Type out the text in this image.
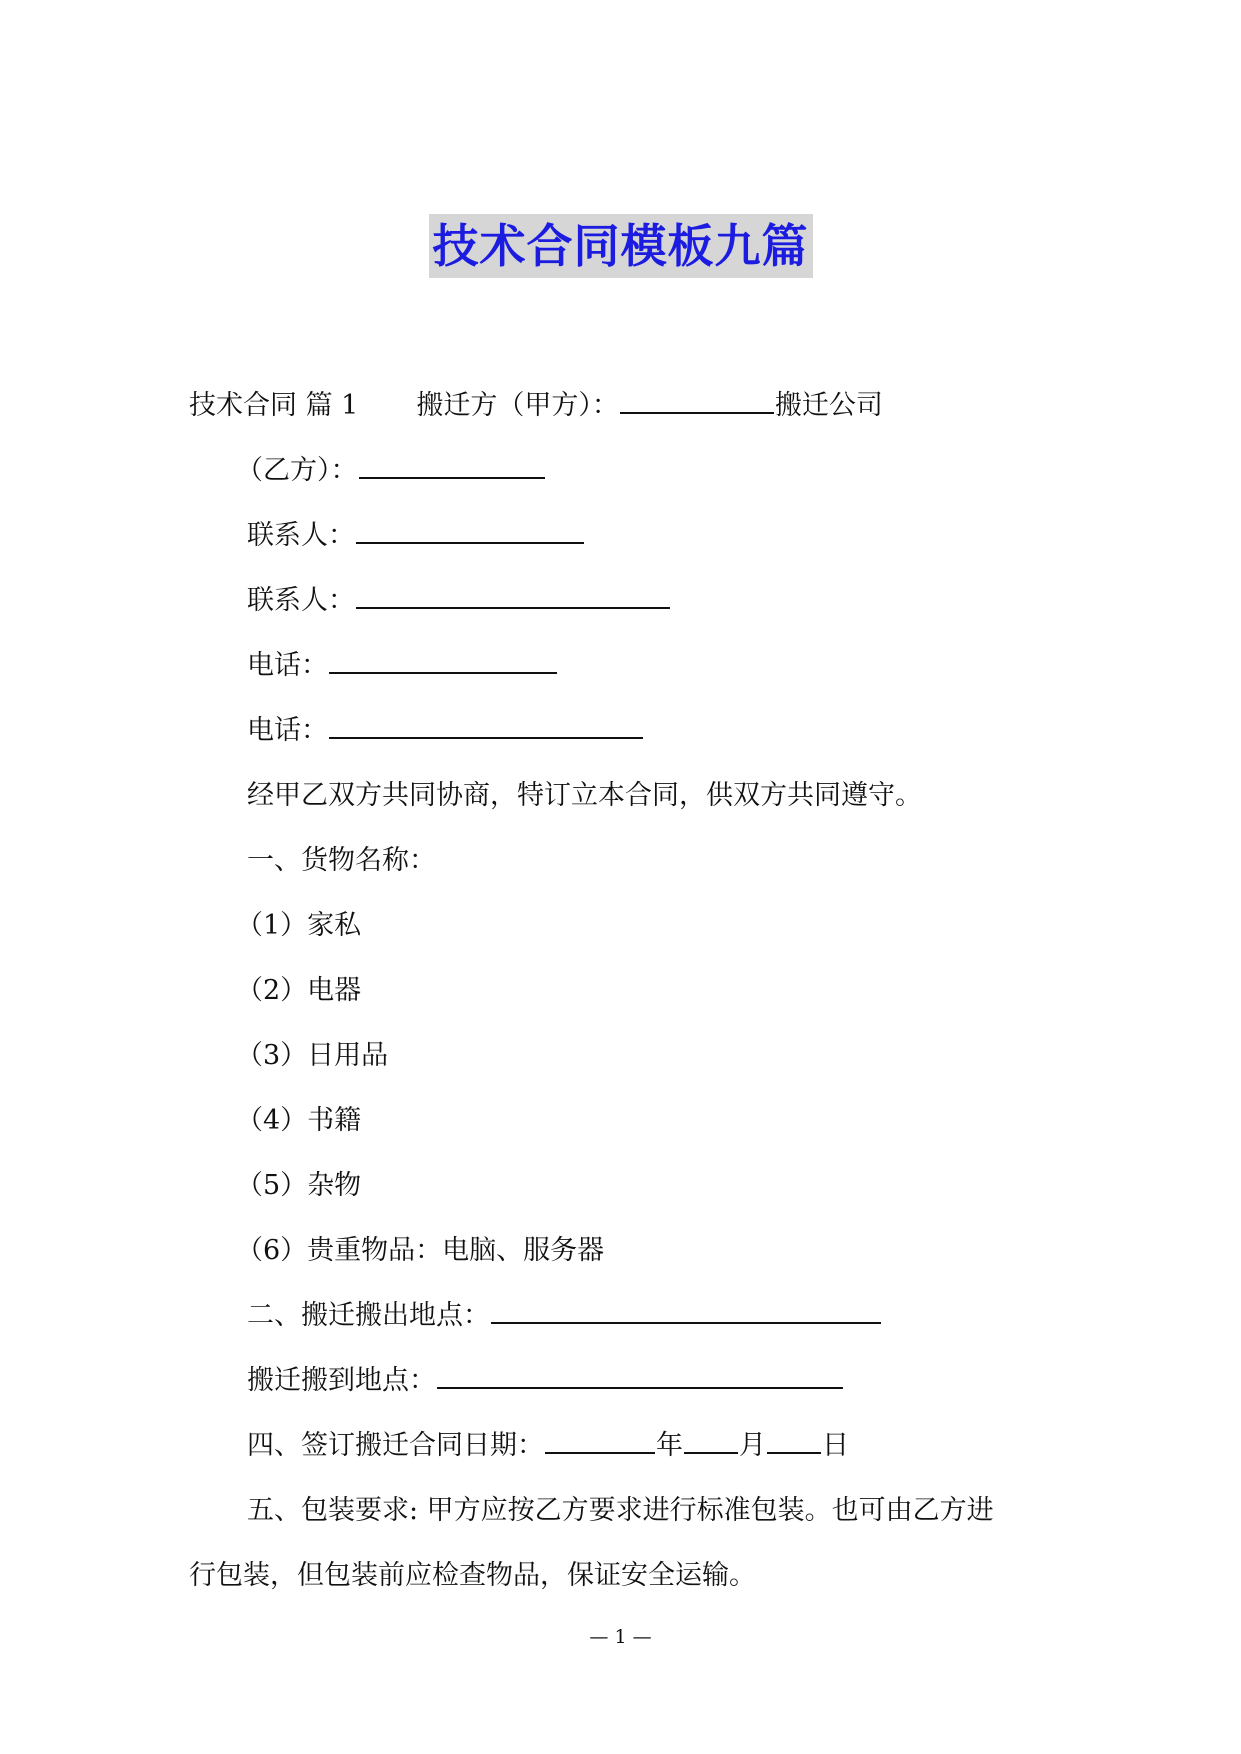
技术合同模板九篇
技术合同 篇 1 搬迁方（甲方）：	搬迁公司
（乙方）：
联系人：
联系人：
电话：
电话：
经甲乙双方共同协商，特订立本合同，供双方共同遵守。
一、货物名称：
（1）家私
（2）电器
（3）日用品
（4）书籍
（5）杂物
（6）贵重物品：电脑、服务器
二、搬迁搬出地点：
搬迁搬到地点：
四、签订搬迁合同日期：	年 月 日
五、包装要求: 甲方应按乙方要求进行标准包装。也可由乙方进
行包装，但包装前应检查物品，保证安全运输。
— 1 —
